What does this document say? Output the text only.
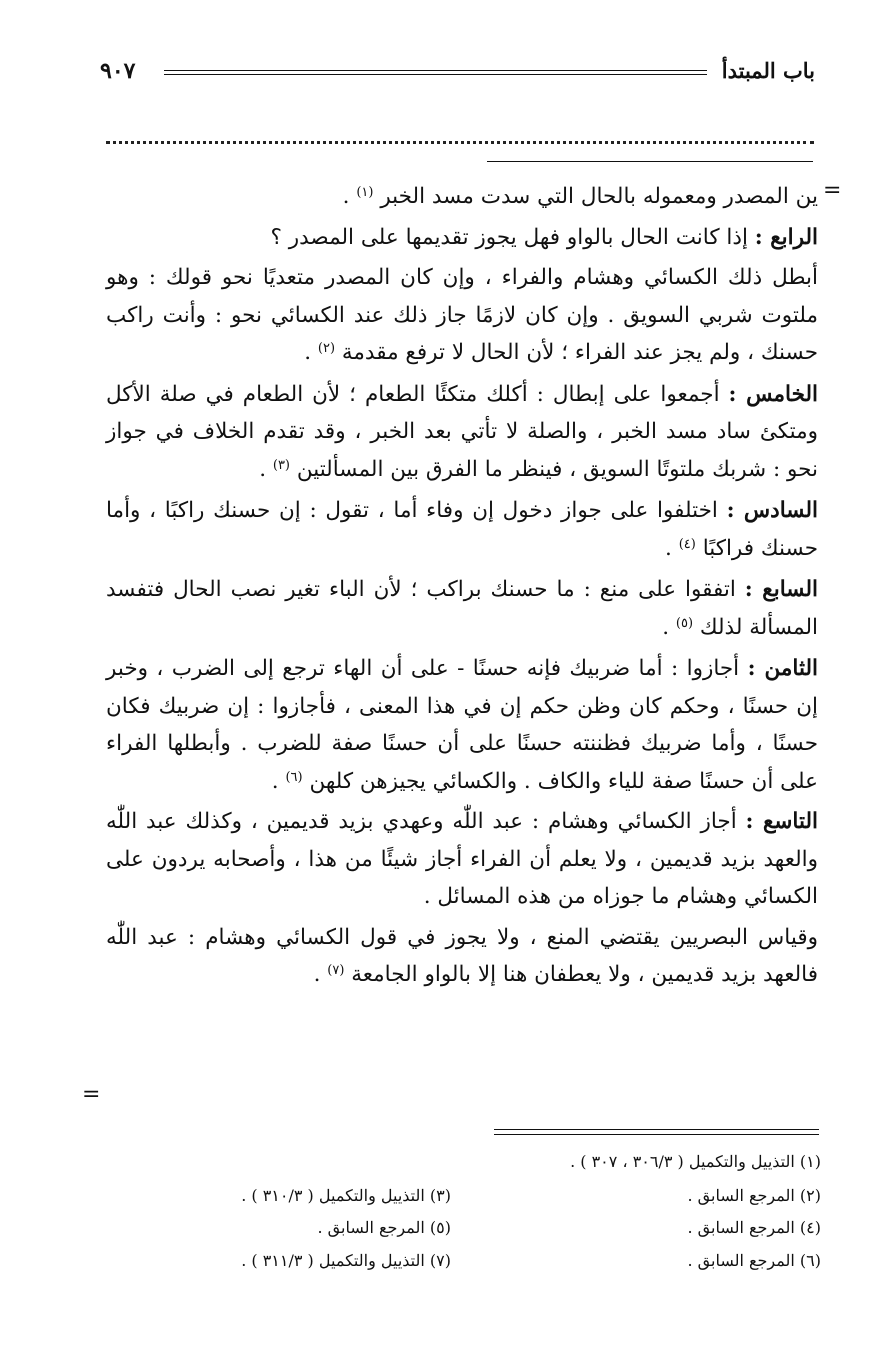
باب المبتدأ
٩٠٧
=

ين المصدر ومعموله بالحال التي سدت مسد الخبر $^{(١)}$ .

الرابع : إذا كانت الحال بالواو فهل يجوز تقديمها على المصدر ؟

أبطل ذلك الكسائي وهشام والفراء ، وإن كان المصدر متعديًا نحو قولك : وهو ملتوت شربي السويق . وإن كان لازمًا جاز ذلك عند الكسائي نحو : وأنت راكب حسنك ، ولم يجز عند الفراء ؛ لأن الحال لا ترفع مقدمة $^{(٢)}$ .

الخامس : أجمعوا على إبطال : أكلك متكئًا الطعام ؛ لأن الطعام في صلة الأكل ومتكئ ساد مسد الخبر ، والصلة لا تأتي بعد الخبر ، وقد تقدم الخلاف في جواز نحو : شربك ملتوتًا السويق ، فينظر ما الفرق بين المسألتين $^{(٣)}$ .

السادس : اختلفوا على جواز دخول إن وفاء أما ، تقول : إن حسنك راكبًا ، وأما حسنك فراكبًا $^{(٤)}$ .

السابع : اتفقوا على منع : ما حسنك براكب ؛ لأن الباء تغير نصب الحال فتفسد المسألة لذلك $^{(٥)}$ .

الثامن : أجازوا : أما ضربيك فإنه حسنًا - على أن الهاء ترجع إلى الضرب ، وخبر إن حسنًا ، وحكم كان وظن حكم إن في هذا المعنى ، فأجازوا : إن ضربيك فكان حسنًا ، وأما ضربيك فظننته حسنًا على أن حسنًا صفة للضرب . وأبطلها الفراء على أن حسنًا صفة للياء والكاف . والكسائي يجيزهن كلهن $^{(٦)}$ .

التاسع : أجاز الكسائي وهشام : عبد اللّٰه وعهدي بزيد قديمين ، وكذلك عبد اللّٰه والعهد بزيد قديمين ، ولا يعلم أن الفراء أجاز شيئًا من هذا ، وأصحابه يردون على الكسائي وهشام ما جوزاه من هذه المسائل .

وقياس البصريين يقتضي المنع ، ولا يجوز في قول الكسائي وهشام : عبد اللّٰه فالعهد بزيد قديمين ، ولا يعطفان هنا إلا بالواو الجامعة $^{(٧)}$ .

=
(١) التذييل والتكميل ( ٣٠٦/٣ ، ٣٠٧ ) .
(٢) المرجع السابق .
(٣) التذييل والتكميل ( ٣١٠/٣ ) .
(٤) المرجع السابق .
(٥) المرجع السابق .
(٦) المرجع السابق .
(٧) التذييل والتكميل ( ٣١١/٣ ) .
